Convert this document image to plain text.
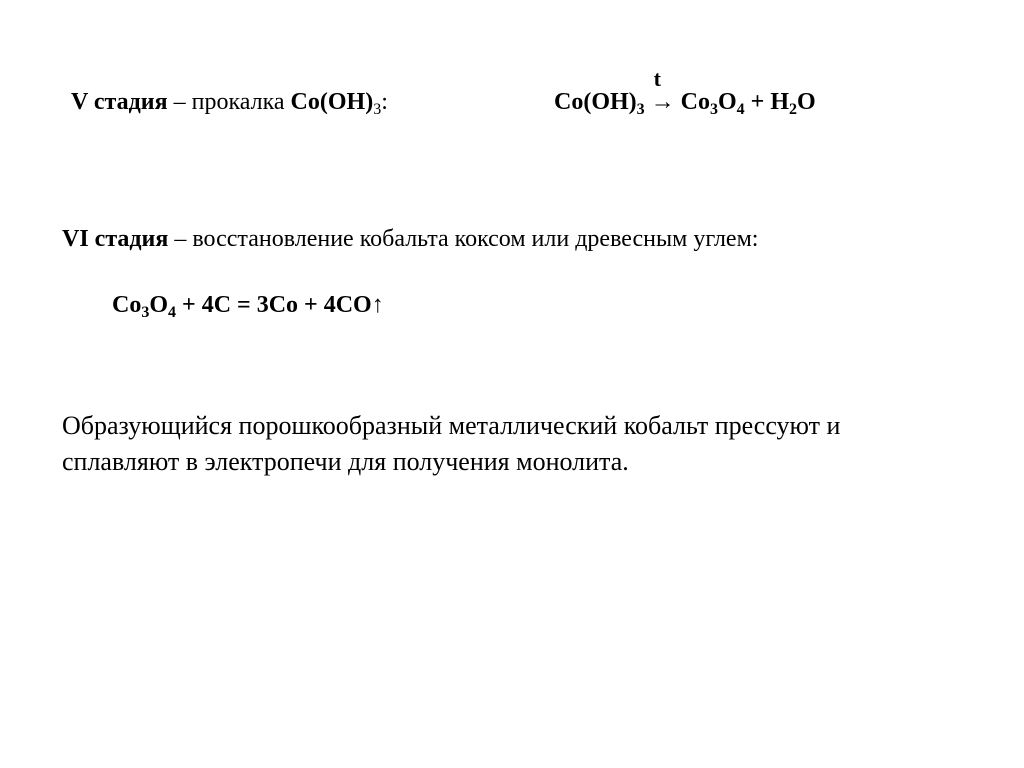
V стадия – прокалка $Co(OH)_3$:	$Co(OH)_3$
t
→ $Co_3O_4 + H_2O$
VI стадия – восстановление кобальта коксом или древесным углем:
$Co_3O_4 + 4C = 3Co$ + 4CO↑
Образующийся порошкообразный металлический кобальт прессуют и
сплавляют в электропечи для получения монолита.
